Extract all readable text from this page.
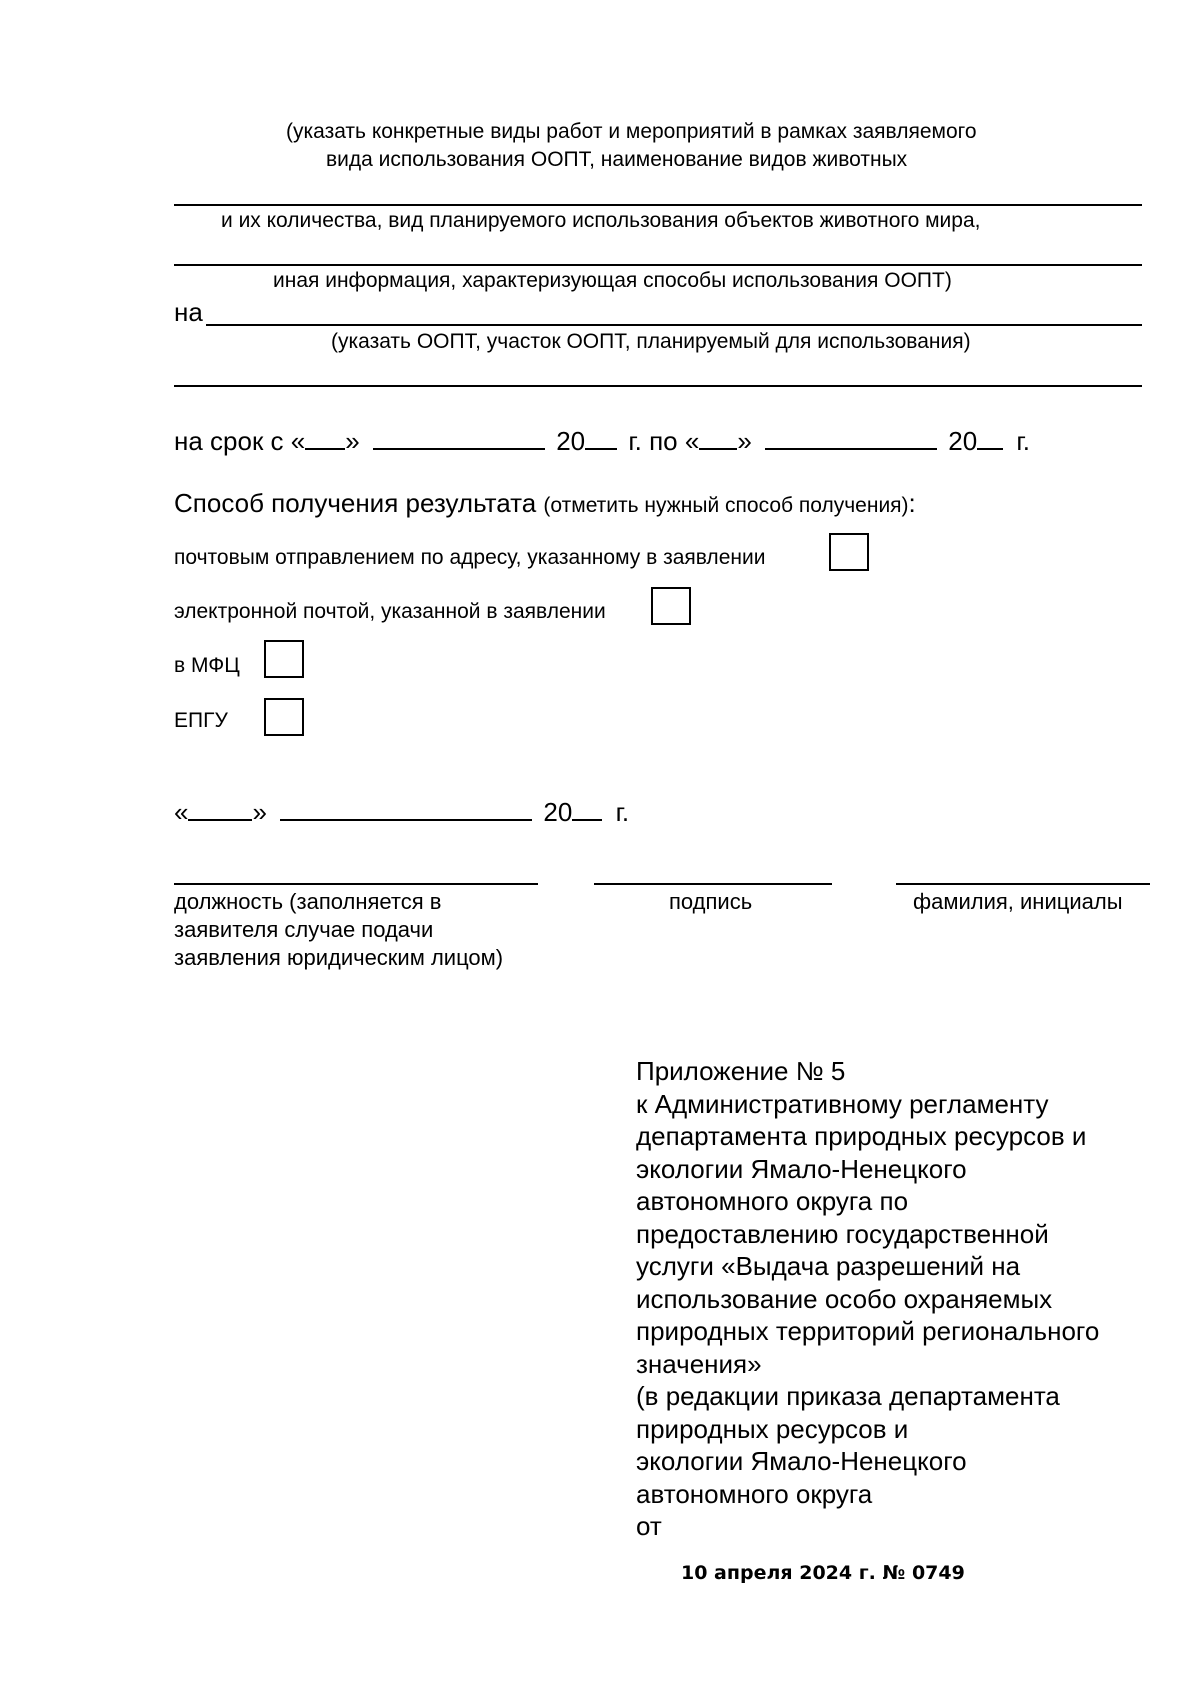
(указать конкретные виды работ и мероприятий в рамках заявляемого
вида использования ООПТ, наименование видов животных
и их количества, вид планируемого использования объектов животного мира,
иная информация, характеризующая способы использования ООПТ)
на
(указать ООПТ, участок ООПТ, планируемый для использования)
на срок с « »	20 г. по « »	20 г.
Способ получения результата (отметить нужный способ получения):
почтовым отправлением по адресу, указанному в заявлении
электронной почтой, указанной в заявлении
в МФЦ
ЕПГУ
« »	20 г.
должность (заполняется в
заявителя случае подачи
заявления юридическим лицом)
подпись	фамилия, инициалы
Приложение № 5
к Административному регламенту
департамента природных ресурсов и
экологии Ямало-Ненецкого
автономного округа по
предоставлению государственной
услуги «Выдача разрешений на
использование особо охраняемых
природных территорий регионального
значения»
(в редакции приказа департамента
природных ресурсов и
экологии Ямало-Ненецкого
автономного округа
от
10 апреля 2024 г. № 0749
